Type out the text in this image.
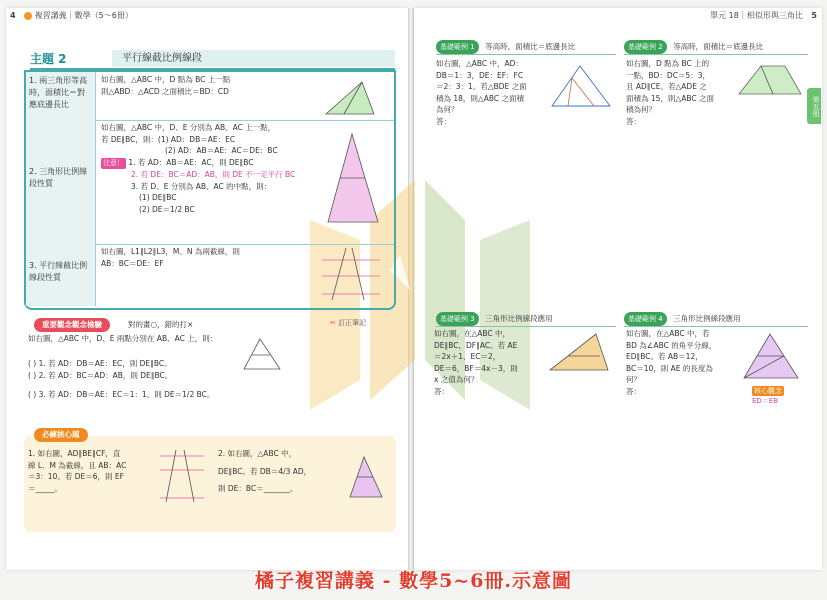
4 複習講義｜數學（5～6冊）	單元 18｜相似形與三角比 5
主題 2	平行線截比例線段
1. 兩三角形等高時，面積比＝對應底邊長比
如右圖，△ABC 中，D 點為 BC 上一點
則△ABD：△ACD 之面積比＝BD：CD
2. 三角形比例線段性質
如右圖，△ABC 中，D、E 分別為 AB、AC 上一點，
若 DE∥BC，則：(1) AD：DB＝AE：EC
(2) AD：AB＝AE：AC＝DE：BC
注意！ 1. 若 AD：AB＝AE：AC，則 DE∥BC
2. 若 DE：BC＝AD：AB，則 DE 不一定平行 BC
3. 若 D、E 分別為 AB、AC 的中點，則：
(1) DE∥BC
(2) DE＝1/2 BC
3. 平行線截比例線段性質
如右圖，L1∥L2∥L3，M、N 為兩截線，則
AB：BC＝DE：EF
✂ 訂正筆記
重要觀念觀念檢驗	對的畫○，錯的打×
如右圖，△ABC 中，D、E 兩點分別在 AB、AC 上，則：
( ) 1. 若 AD：DB＝AE：EC，則 DE∥BC。
( ) 2. 若 AD：BC＝AD：AB，則 DE∥BC。
( ) 3. 若 AD：DB＝AE：EC＝1：1，則 DE＝1/2 BC。
必練核心題
1. 如右圖，AD∥BE∥CF，直
線 L、M 為截線，且 AB：AC
＝3：10。若 DE＝6，則 EF
＝_____。
2. 如右圖，△ABC 中，
DE∥BC。若 DB＝4/3 AD，
則 DE：BC＝_______。
基礎範例 1 等高時，面積比＝底邊長比
如右圖，△ABC 中，AD：
DB＝1：3，DE：EF：FC
＝2：3：1。若△BDE 之面
積為 18，則△ABC 之面積
為何？
答：
基礎範例 2 等高時，面積比＝底邊長比
如右圖，D 點為 BC 上的
一點，BD：DC＝5：3，
且 AD∥CE。若△ADE 之
面積為 15，則△ABC 之面
積為何？
答：
第五冊
基礎範例 3 三角形比例線段應用
如右圖，在△ABC 中，
DE∥BC，DF∥AC。若 AE
＝2x＋1，EC＝2，
DE＝6，BF＝4x－3，則
x 之值為何？
答：
基礎範例 4 三角形比例線段應用
如右圖，在△ABC 中，若
BD 為∠ABC 的角平分線，
ED∥BC。若 AB＝12，
BC＝10，則 AE 的長度為
何？
答：	核心觀念
ED＝EB
橘子複習講義 - 數學5~6冊.示意圖
